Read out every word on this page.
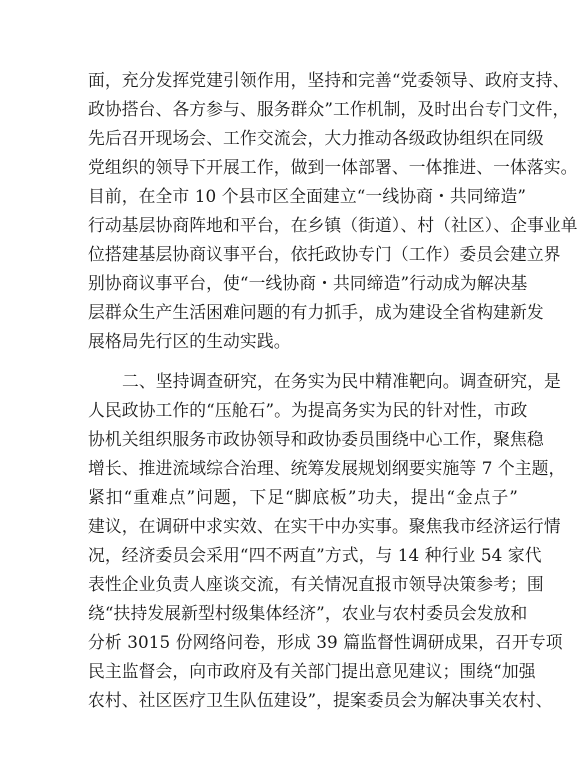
面，充分发挥党建引领作用，坚持和完善“党委领导、政府支持、
政协搭台、各方参与、服务群众”工作机制，及时出台专门文件，
先后召开现场会、工作交流会，大力推动各级政协组织在同级
党组织的领导下开展工作，做到一体部署、一体推进、一体落实。
目前，在全市 10 个县市区全面建立“一线协商・共同缔造”
行动基层协商阵地和平台，在乡镇（街道）、村（社区）、企事业单
位搭建基层协商议事平台，依托政协专门（工作）委员会建立界
别协商议事平台，使“一线协商・共同缔造”行动成为解决基
层群众生产生活困难问题的有力抓手，成为建设全省构建新发
展格局先行区的生动实践。
二、坚持调查研究，在务实为民中精准靶向。调查研究，是
人民政协工作的“压舱石”。为提高务实为民的针对性，市政
协机关组织服务市政协领导和政协委员围绕中心工作，聚焦稳
增长、推进流域综合治理、统筹发展规划纲要实施等 7 个主题，
紧扣“重难点”问题，下足“脚底板”功夫，提出“金点子”
建议，在调研中求实效、在实干中办实事。聚焦我市经济运行情
况，经济委员会采用“四不两直”方式，与 14 种行业 54 家代
表性企业负责人座谈交流，有关情况直报市领导决策参考；围
绕“扶持发展新型村级集体经济”，农业与农村委员会发放和
分析 3015 份网络问卷，形成 39 篇监督性调研成果，召开专项
民主监督会，向市政府及有关部门提出意见建议；围绕“加强
农村、社区医疗卫生队伍建设”，提案委员会为解决事关农村、
